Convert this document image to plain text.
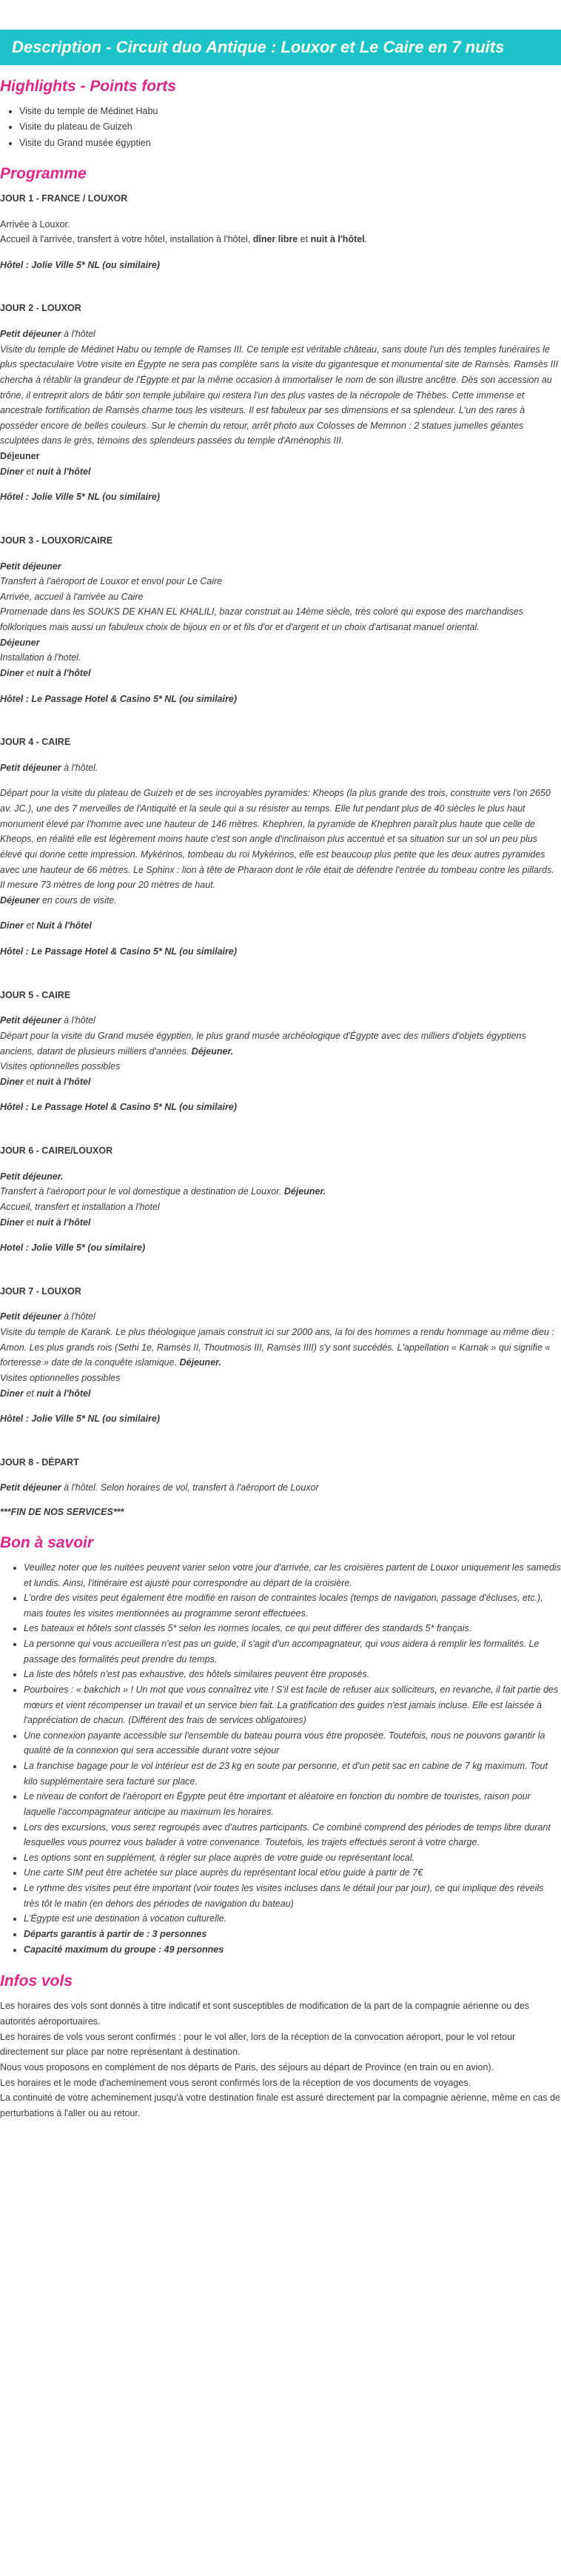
Description - Circuit duo Antique : Louxor et Le Caire en 7 nuits
Highlights - Points forts
• Visite du temple de Médinet Habu
• Visite du plateau de Guizeh
• Visite du Grand musée égyptien
Programme
JOUR 1 - FRANCE / LOUXOR
Arrivée à Louxor.
Accueil à l'arrivée, transfert à votre hôtel, installation à l'hôtel, dîner libre et nuit à l'hôtel.
Hôtel : Jolie Ville 5* NL (ou similaire)
JOUR 2 - LOUXOR
Petit déjeuner à l'hôtel
Visite du temple de Médinet Habu ou temple de Ramses III. Ce temple est véritable château, sans doute l'un des temples funéraires le plus spectaculaire Votre visite en Égypte ne sera pas complète sans la visite du gigantesque et monumental site de Ramsès. Ramsès III chercha à rétablir la grandeur de l'Égypte et par la même occasion à immortaliser le nom de son illustre ancêtre. Dès son accession au trône, il entreprit alors de bâtir son temple jubilaire qui restera l'un des plus vastes de la nécropole de Thèbes. Cette immense et ancestrale fortification de Ramsès charme tous les visiteurs. Il est fabuleux par ses dimensions et sa splendeur. L'un des rares à posséder encore de belles couleurs. Sur le chemin du retour, arrêt photo aux Colosses de Memnon : 2 statues jumelles géantes sculptées dans le grès, témoins des splendeurs passées du temple d'Aménophis III.
Déjeuner
Diner et nuit à l'hôtel
Hôtel : Jolie Ville 5* NL (ou similaire)
JOUR 3 - LOUXOR/CAIRE
Petit déjeuner
Transfert à l'aéroport de Louxor et envol pour Le Caire
Arrivée, accueil à l'arrivée au Caire
Promenade dans les SOUKS DE KHAN EL KHALILI, bazar construit au 14ème siècle, très coloré qui expose des marchandises folkloriques mais aussi un fabuleux choix de bijoux en or et fils d'or et d'argent et un choix d'artisanat manuel oriental.
Déjeuner
Installation à l'hotel.
Diner et nuit à l'hôtel
Hôtel : Le Passage Hotel & Casino 5* NL (ou similaire)
JOUR 4 - CAIRE
Petit déjeuner à l'hôtel.
Départ pour la visite du plateau de Guizeh et de ses incroyables pyramides: Kheops (la plus grande des trois, construite vers l'on 2650 av. JC.), une des 7 merveilles de l'Antiquité et la seule qui a su résister au temps. Elle fut pendant plus de 40 siècles le plus haut monument élevé par l'homme avec une hauteur de 146 mètres. Khephren, la pyramide de Khephren paraît plus haute que celle de Kheops, en réalité elle est légèrement moins haute c'est son angle d'inclinaison plus accentué et sa situation sur un sol un peu plus élevé qui donne cette impression. Mykérinos, tombeau du roi Mykérinos, elle est beaucoup plus petite que les deux autres pyramides avec une hauteur de 66 mètres. Le Sphinx : lion à tête de Pharaon dont le rôle était de défendre l'entrée du tombeau contre les pillards. Il mesure 73 mètres de long pour 20 mètres de haut.
Déjeuner en cours de visite.
Diner et Nuit à l'hôtel
Hôtel : Le Passage Hotel & Casino 5* NL (ou similaire)
JOUR 5 - CAIRE
Petit déjeuner à l'hôtel
Départ pour la visite du Grand musée égyptien, le plus grand musée archéologique d'Égypte avec des milliers d'objets égyptiens anciens, datant de plusieurs milliers d'années. Déjeuner.
Visites optionnelles possibles
Diner et nuit à l'hôtel
Hôtel : Le Passage Hotel & Casino 5* NL (ou similaire)
JOUR 6 - CAIRE/LOUXOR
Petit déjeuner.
Transfert à l'aéroport pour le vol domestique a destination de Louxor. Déjeuner.
Accueil, transfert et installation a l'hotel
Diner et nuit à l'hôtel
Hotel : Jolie Ville 5* (ou similaire)
JOUR 7 - LOUXOR
Petit déjeuner à l'hôtel
Visite du temple de Karank. Le plus théologique jamais construit ici sur 2000 ans, la foi des hommes a rendu hommage au même dieu : Amon. Les plus grands rois (Sethi 1e, Ramsès II, Thoutmosis III, Ramsès IIII) s'y sont succédés. L'appellation « Karnak » qui signifie « forteresse » date de la conquête islamique. Déjeuner.
Visites optionnelles possibles
Diner et nuit à l'hôtel
Hôtel : Jolie Ville 5* NL (ou similaire)
JOUR 8 - DÉPART
Petit déjeuner à l'hôtel. Selon horaires de vol, transfert à l'aéroport de Louxor
***FIN DE NOS SERVICES***
Bon à savoir
• Veuillez noter que les nuitées peuvent varier selon votre jour d'arrivée, car les croisières partent de Louxor uniquement les samedis et lundis. Ainsi, l'itinéraire est ajusté pour correspondre au départ de la croisière.
• L'ordre des visites peut également être modifié en raison de contraintes locales (temps de navigation, passage d'écluses, etc.), mais toutes les visites mentionnées au programme seront effectuées.
• Les bateaux et hôtels sont classés 5* selon les normes locales, ce qui peut différer des standards 5* français.
• La personne qui vous accueillera n'est pas un guide, il s'agit d'un accompagnateur, qui vous aidera à remplir les formalités. Le passage des formalités peut prendre du temps.
• La liste des hôtels n'est pas exhaustive, des hôtels similaires peuvent être proposés.
• Pourboires : « bakchich » ! Un mot que vous connaîtrez vite ! S'il est facile de refuser aux solliciteurs, en revanche, il fait partie des mœurs et vient récompenser un travail et un service bien fait. La gratification des guides n'est jamais incluse. Elle est laissée à l'appréciation de chacun. (Différent des frais de services obligatoires)
• Une connexion payante accessible sur l'ensemble du bateau pourra vous être proposée. Toutefois, nous ne pouvons garantir la qualité de la connexion qui sera accessible durant votre séjour
• La franchise bagage pour le vol intérieur est de 23 kg en soute par personne, et d'un petit sac en cabine de 7 kg maximum. Tout kilo supplémentaire sera facturé sur place.
• Le niveau de confort de l'aéroport en Égypte peut être important et aléatoire en fonction du nombre de touristes, raison pour laquelle l'accompagnateur anticipe au maximum les horaires.
• Lors des excursions, vous serez regroupés avec d'autres participants. Ce combiné comprend des périodes de temps libre durant lesquelles vous pourrez vous balader à votre convenance. Toutefois, les trajets effectués seront à votre charge.
• Les options sont en supplément, à régler sur place auprès de votre guide ou représentant local.
• Une carte SIM peut être achetée sur place auprès du représentant local et/ou guide à partir de 7€
• Le rythme des visites peut être important (voir toutes les visites incluses dans le détail jour par jour), ce qui implique des réveils très tôt le matin (en dehors des périodes de navigation du bateau)
• L'Égypte est une destination à vocation culturelle.
• Départs garantis à partir de : 3 personnes
• Capacité maximum du groupe : 49 personnes
Infos vols
Les horaires des vols sont donnés à titre indicatif et sont susceptibles de modification de la part de la compagnie aérienne ou des autorités aéroportuaires.
Les horaires de vols vous seront confirmés : pour le vol aller, lors de la réception de la convocation aéroport, pour le vol retour directement sur place par notre représentant à destination.
Nous vous proposons en complément de nos départs de Paris, des séjours au départ de Province (en train ou en avion).
Les horaires et le mode d'acheminement vous seront confirmés lors de la réception de vos documents de voyages.
La continuité de votre acheminement jusqu'à votre destination finale est assuré directement par la compagnie aérienne, même en cas de perturbations à l'aller ou au retour.
